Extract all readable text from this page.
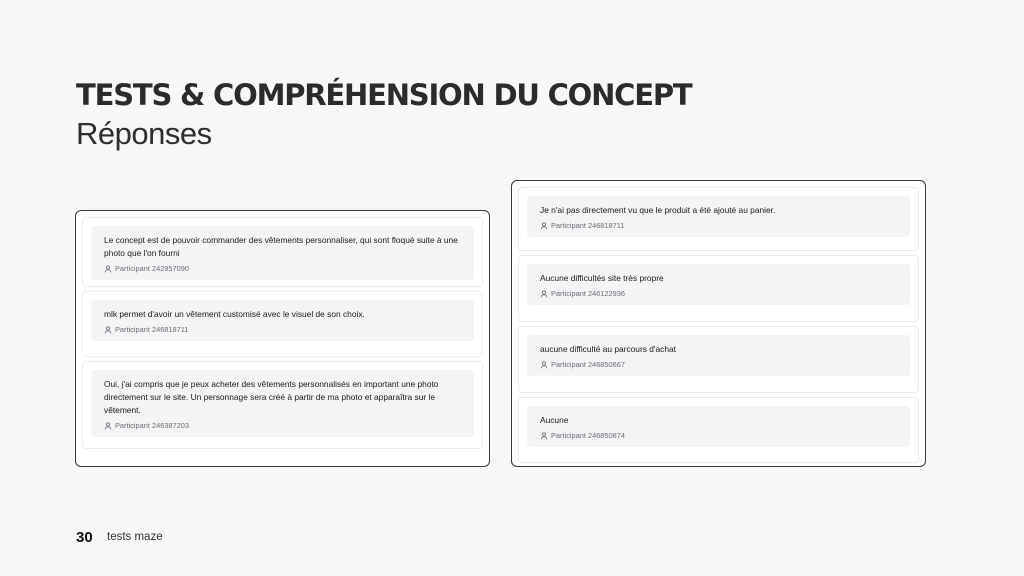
TESTS & COMPRÉHENSION DU CONCEPT
Réponses
Le concept est de pouvoir commander des vêtements personnaliser, qui sont floqué suite à une photo que l'on fourni
Participant 242957090
mlk permet d'avoir un vêtement customisé avec le visuel de son choix.
Participant 246818711
Oui, j'ai compris que je peux acheter des vêtements personnalisés en important une photo directement sur le site. Un personnage sera créé à partir de ma photo et apparaîtra sur le vêtement.
Participant 246387203
Je n'ai pas directement vu que le produit a été ajouté au panier.
Participant 246818711
Aucune difficultés site très propre
Participant 246122936
aucune difficulté au parcours d'achat
Participant 246850667
Aucune
Participant 246850874
30 tests maze
